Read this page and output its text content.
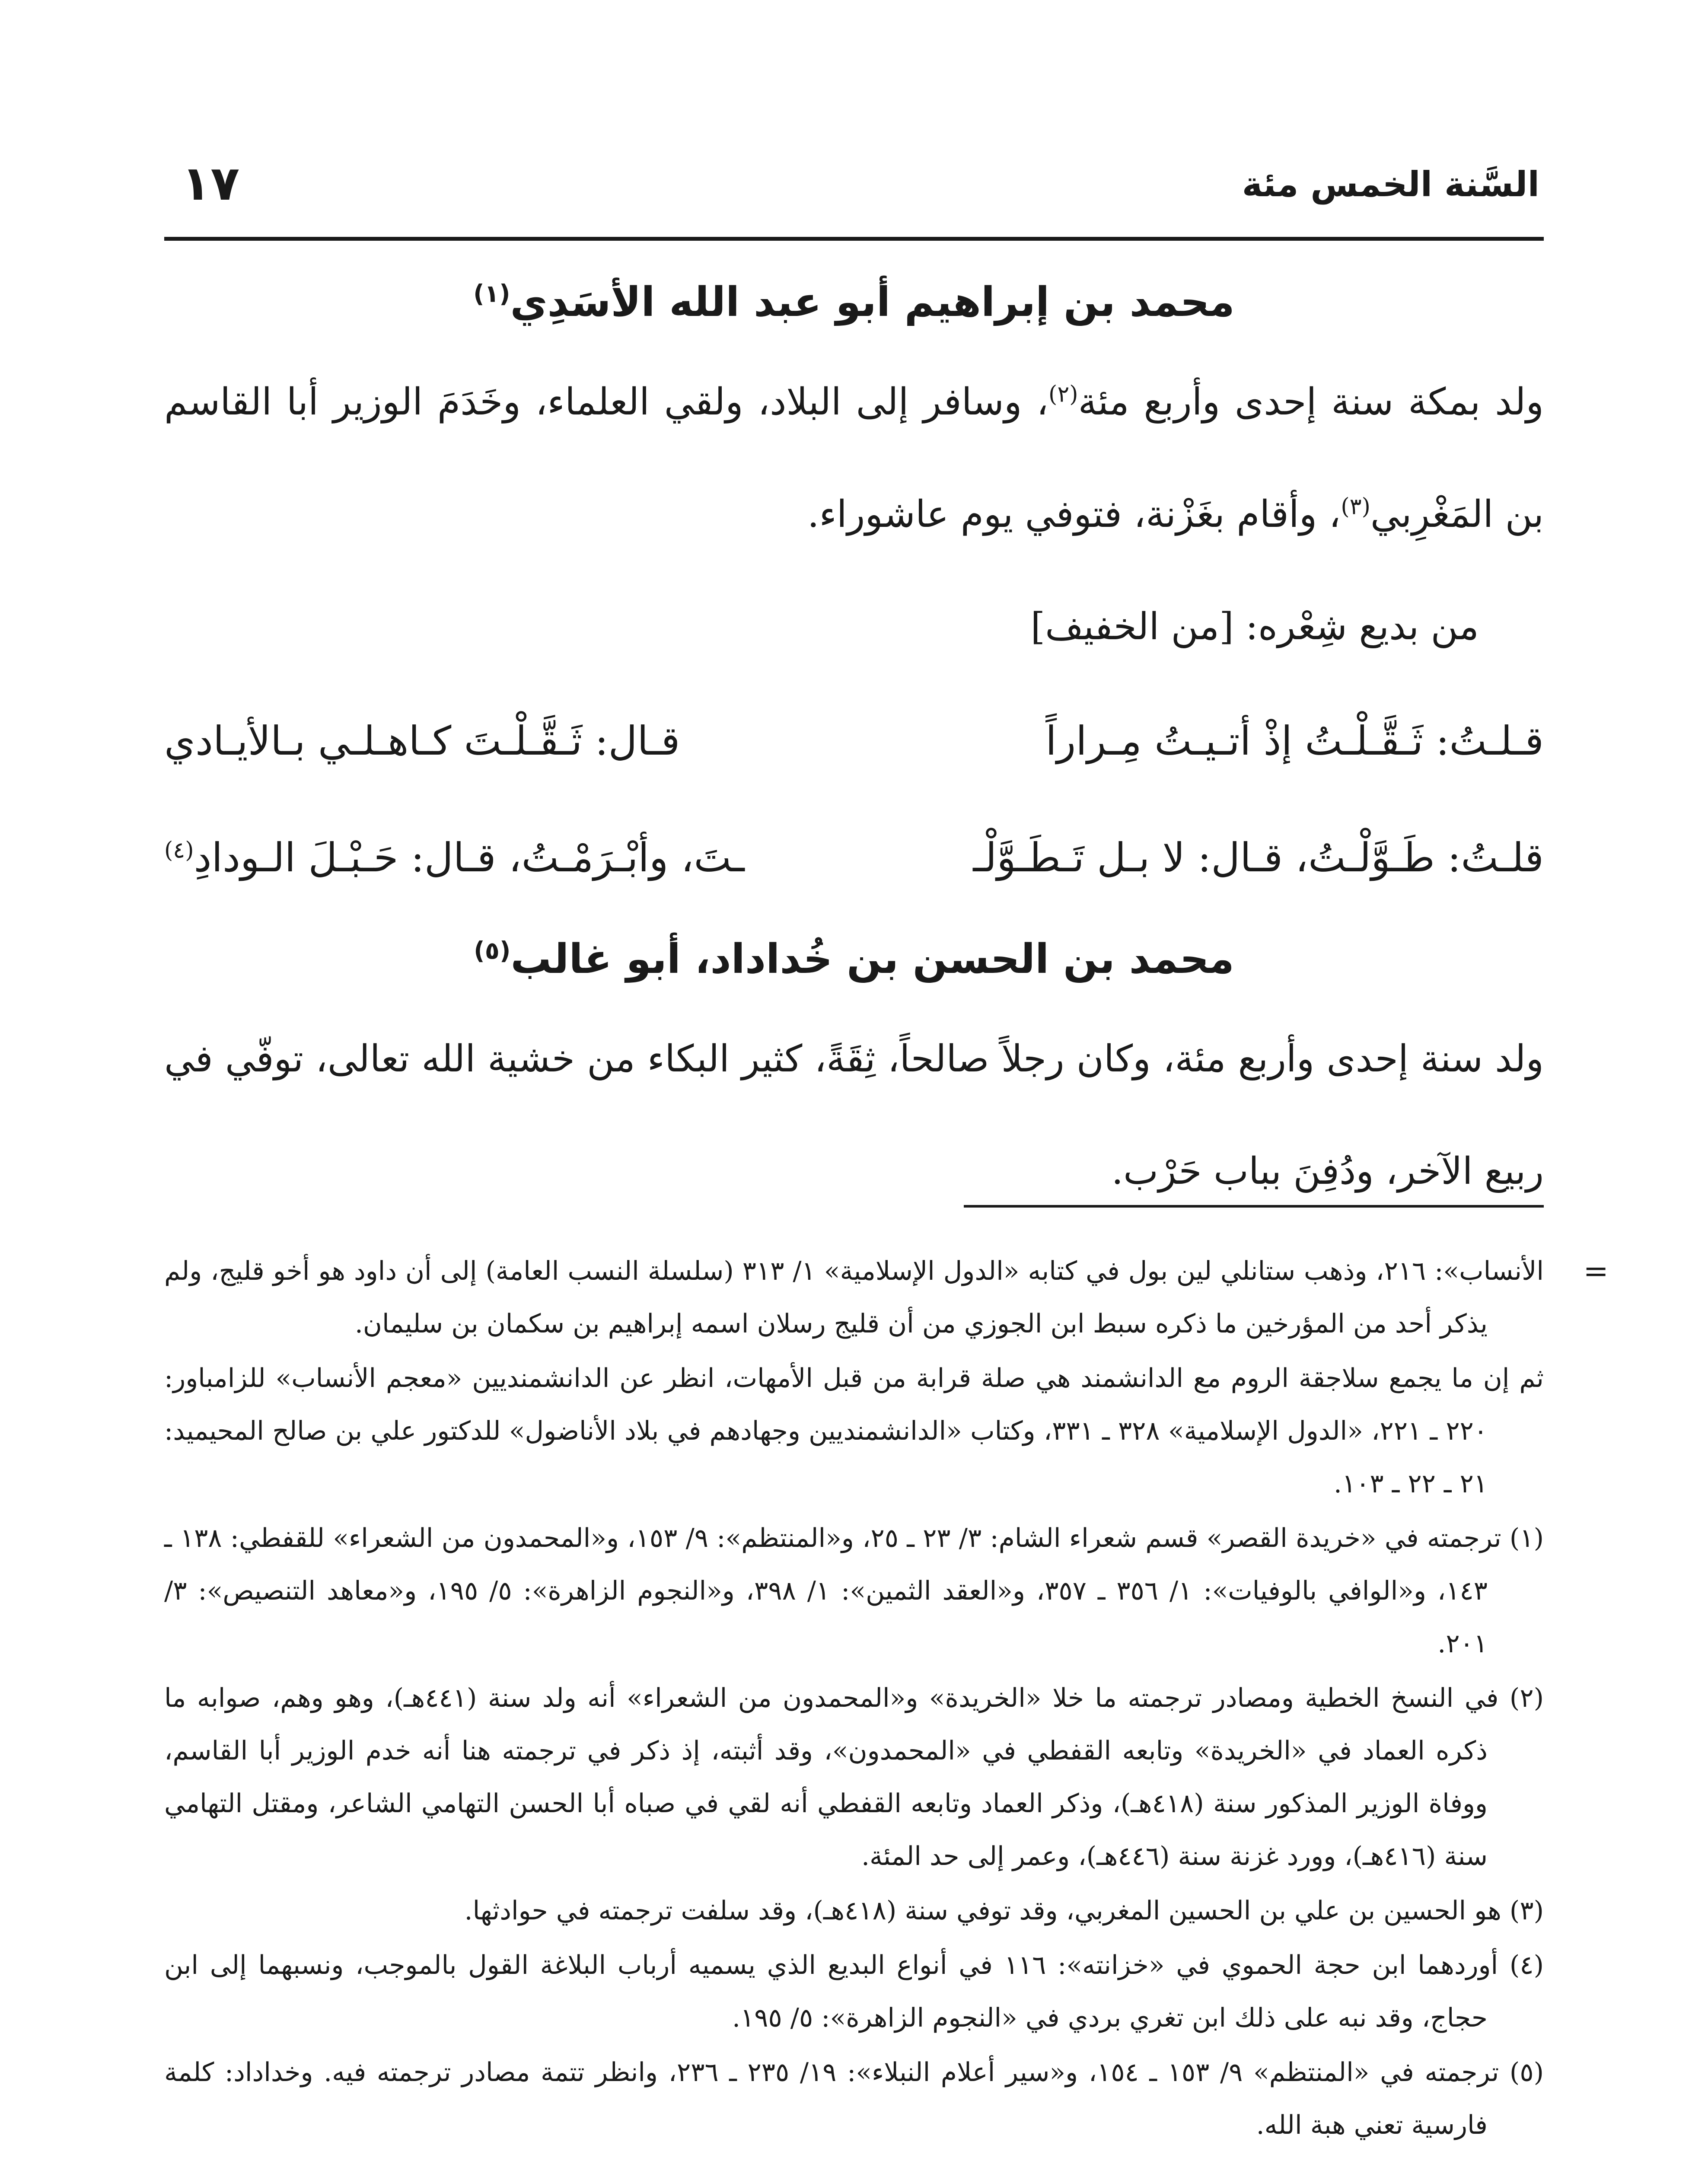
السَّنة الخمس مئة
١٧
محمد بن إبراهيم أبو عبد الله الأسَدِي$^{(١)}$
ولد بمكة سنة إحدى وأربع مئة$^{(٢)}$، وسافر إلى البلاد، ولقي العلماء، وخَدَمَ الوزير أبا القاسم بن المَغْرِبي$^{(٣)}$، وأقام بغَزْنة، فتوفي يوم عاشوراء.
من بديع شِعْره: [من الخفيف]
قـلـتُ: ثَـقَّـلْـتُ إذْ أتـيـتُ مِـراراً
قـال: ثَـقَّـلْـتَ كـاهـلـي بـالأيـادي
قلـتُ: طَـوَّلْـتُ، قـال: لا بـل تَـطَـوَّلْـ
ـتَ، وأبْـرَمْـتُ، قـال: حَـبْـلَ الـودادِ$^{(٤)}$
محمد بن الحسن بن خُداداد، أبو غالب$^{(٥)}$
ولد سنة إحدى وأربع مئة، وكان رجلاً صالحاً، ثِقَةً، كثير البكاء من خشية الله تعالى، توفّي في ربيع الآخر، ودُفِنَ بباب حَرْب.
=
الأنساب»: ٢١٦، وذهب ستانلي لين بول في كتابه «الدول الإسلامية» ١/ ٣١٣ (سلسلة النسب العامة) إلى أن داود هو أخو قليج، ولم يذكر أحد من المؤرخين ما ذكره سبط ابن الجوزي من أن قليج رسلان اسمه إبراهيم بن سكمان بن سليمان.
ثم إن ما يجمع سلاجقة الروم مع الدانشمند هي صلة قرابة من قبل الأمهات، انظر عن الدانشمنديين «معجم الأنساب» للزامباور: ٢٢٠ ـ ٢٢١، «الدول الإسلامية» ٣٢٨ ـ ٣٣١، وكتاب «الدانشمنديين وجهادهم في بلاد الأناضول» للدكتور علي بن صالح المحيميد: ٢١ ـ ٢٢ ـ ١٠٣.
(١) ترجمته في «خريدة القصر» قسم شعراء الشام: ٣/ ٢٣ ـ ٢٥، و«المنتظم»: ٩/ ١٥٣، و«المحمدون من الشعراء» للقفطي: ١٣٨ ـ ١٤٣، و«الوافي بالوفيات»: ١/ ٣٥٦ ـ ٣٥٧، و«العقد الثمين»: ١/ ٣٩٨، و«النجوم الزاهرة»: ٥/ ١٩٥، و«معاهد التنصيص»: ٣/ ٢٠١.
(٢) في النسخ الخطية ومصادر ترجمته ما خلا «الخريدة» و«المحمدون من الشعراء» أنه ولد سنة (٤٤١هـ)، وهو وهم، صوابه ما ذكره العماد في «الخريدة» وتابعه القفطي في «المحمدون»، وقد أثبته، إذ ذكر في ترجمته هنا أنه خدم الوزير أبا القاسم، ووفاة الوزير المذكور سنة (٤١٨هـ)، وذكر العماد وتابعه القفطي أنه لقي في صباه أبا الحسن التهامي الشاعر، ومقتل التهامي سنة (٤١٦هـ)، وورد غزنة سنة (٤٤٦هـ)، وعمر إلى حد المئة.
(٣) هو الحسين بن علي بن الحسين المغربي، وقد توفي سنة (٤١٨هـ)، وقد سلفت ترجمته في حوادثها.
(٤) أوردهما ابن حجة الحموي في «خزانته»: ١١٦ في أنواع البديع الذي يسميه أرباب البلاغة القول بالموجب، ونسبهما إلى ابن حجاج، وقد نبه على ذلك ابن تغري بردي في «النجوم الزاهرة»: ٥/ ١٩٥.
(٥) ترجمته في «المنتظم» ٩/ ١٥٣ ـ ١٥٤، و«سير أعلام النبلاء»: ١٩/ ٢٣٥ ـ ٢٣٦، وانظر تتمة مصادر ترجمته فيه. وخداداد: كلمة فارسية تعني هبة الله.
